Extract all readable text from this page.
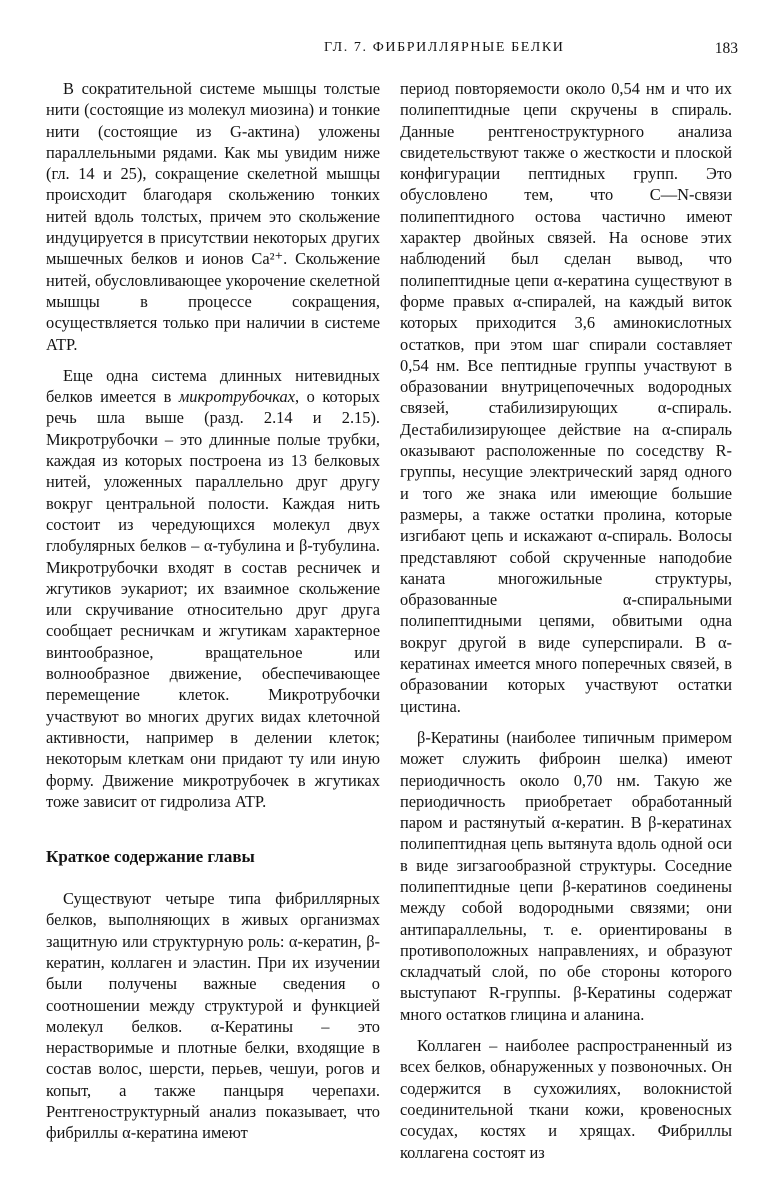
ГЛ. 7. ФИБРИЛЛЯРНЫЕ БЕЛКИ	183

В сократительной системе мышцы толстые нити (состоящие из молекул миозина) и тонкие нити (состоящие из G-актина) уложены параллельными рядами. Как мы увидим ниже (гл. 14 и 25), сокращение скелетной мышцы происходит благодаря скольжению тонких нитей вдоль толстых, причем это скольжение индуцируется в присутствии некоторых других мышечных белков и ионов Ca²⁺. Скольжение нитей, обусловливающее укорочение скелетной мышцы в процессе сокращения, осуществляется только при наличии в системе ATP.

Еще одна система длинных нитевидных белков имеется в микротрубочках, о которых речь шла выше (разд. 2.14 и 2.15). Микротрубочки – это длинные полые трубки, каждая из которых построена из 13 белковых нитей, уложенных параллельно друг другу вокруг центральной полости. Каждая нить состоит из чередующихся молекул двух глобулярных белков – α-тубулина и β-тубулина. Микротрубочки входят в состав ресничек и жгутиков эукариот; их взаимное скольжение или скручивание относительно друг друга сообщает ресничкам и жгутикам характерное винтообразное, вращательное или волнообразное движение, обеспечивающее перемещение клеток. Микротрубочки участвуют во многих других видах клеточной активности, например в делении клеток; некоторым клеткам они придают ту или иную форму. Движение микротрубочек в жгутиках тоже зависит от гидролиза ATP.

Краткое содержание главы

Существуют четыре типа фибриллярных белков, выполняющих в живых организмах защитную или структурную роль: α-кератин, β-кератин, коллаген и эластин. При их изучении были получены важные сведения о соотношении между структурой и функцией молекул белков. α-Кератины – это нерастворимые и плотные белки, входящие в состав волос, шерсти, перьев, чешуи, рогов и копыт, а также панцыря черепахи. Рентгеноструктурный анализ показывает, что фибриллы α-кератина имеют

период повторяемости около 0,54 нм и что их полипептидные цепи скручены в спираль. Данные рентгеноструктурного анализа свидетельствуют также о жесткости и плоской конфигурации пептидных групп. Это обусловлено тем, что C—N-связи полипептидного остова частично имеют характер двойных связей. На основе этих наблюдений был сделан вывод, что полипептидные цепи α-кератина существуют в форме правых α-спиралей, на каждый виток которых приходится 3,6 аминокислотных остатков, при этом шаг спирали составляет 0,54 нм. Все пептидные группы участвуют в образовании внутрицепочечных водородных связей, стабилизирующих α-спираль. Дестабилизирующее действие на α-спираль оказывают расположенные по соседству R-группы, несущие электрический заряд одного и того же знака или имеющие большие размеры, а также остатки пролина, которые изгибают цепь и искажают α-спираль. Волосы представляют собой скрученные наподобие каната многожильные структуры, образованные α-спиральными полипептидными цепями, обвитыми одна вокруг другой в виде суперспирали. В α-кератинах имеется много поперечных связей, в образовании которых участвуют остатки цистина.

β-Кератины (наиболее типичным примером может служить фиброин шелка) имеют периодичность около 0,70 нм. Такую же периодичность приобретает обработанный паром и растянутый α-кератин. В β-кератинах полипептидная цепь вытянута вдоль одной оси в виде зигзагообразной структуры. Соседние полипептидные цепи β-кератинов соединены между собой водородными связями; они антипараллельны, т. е. ориентированы в противоположных направлениях, и образуют складчатый слой, по обе стороны которого выступают R-группы. β-Кератины содержат много остатков глицина и аланина.

Коллаген – наиболее распространенный из всех белков, обнаруженных у позвоночных. Он содержится в сухожилиях, волокнистой соединительной ткани кожи, кровеносных сосудах, костях и хрящах. Фибриллы коллагена состоят из
